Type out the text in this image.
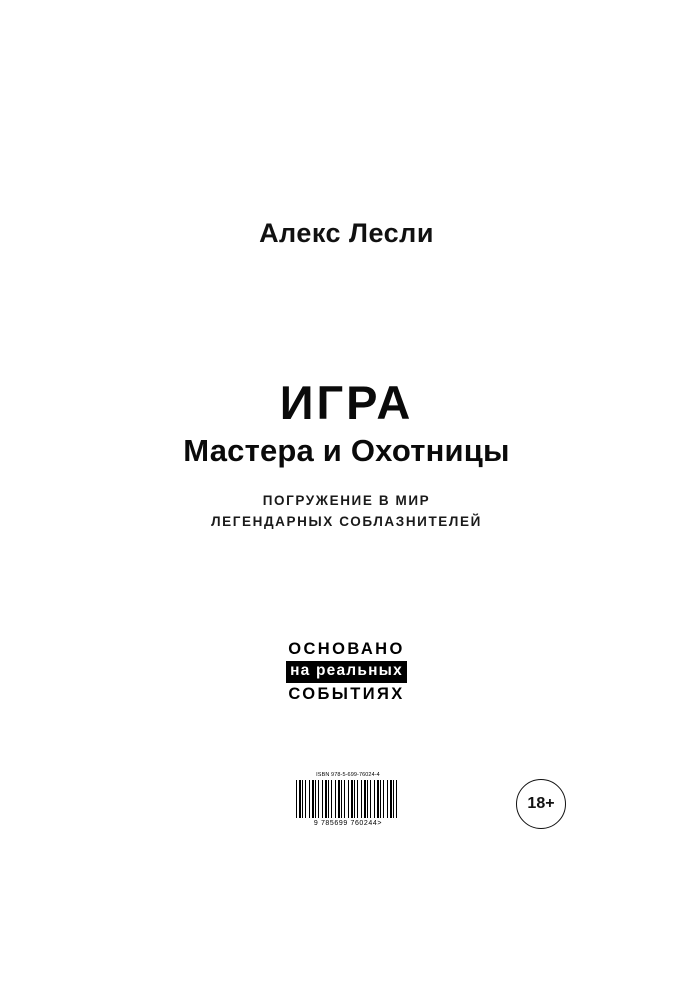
Алекс Лесли
ИГРА
Мастера и Охотницы
ПОГРУЖЕНИЕ В МИР
ЛЕГЕНДАРНЫХ СОБЛАЗНИТЕЛЕЙ
ОСНОВАНО
на реальных
СОБЫТИЯХ
ISBN 978-5-699-76024-4
9 785699 760244>
18+
